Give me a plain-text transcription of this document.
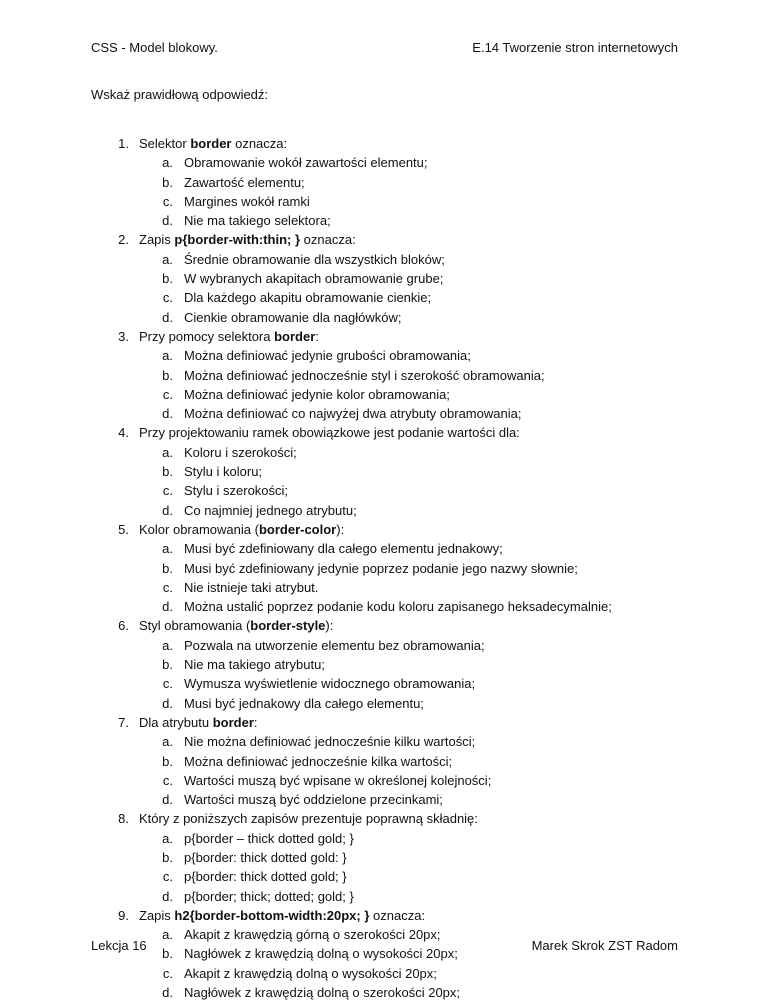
CSS - Model blokowy.	E.14 Tworzenie stron internetowych
Wskaż prawidłową odpowiedź:
1. Selektor border oznacza:
a. Obramowanie wokół zawartości elementu;
b. Zawartość elementu;
c. Margines wokół ramki
d. Nie ma takiego selektora;
2. Zapis p{border-with:thin; } oznacza:
a. Średnie obramowanie dla wszystkich bloków;
b. W wybranych akapitach obramowanie grube;
c. Dla każdego akapitu obramowanie cienkie;
d. Cienkie obramowanie dla nagłówków;
3. Przy pomocy selektora border:
a. Można definiować jedynie grubości obramowania;
b. Można definiować jednocześnie styl i szerokość obramowania;
c. Można definiować jedynie kolor obramowania;
d. Można definiować co najwyżej dwa atrybuty obramowania;
4. Przy projektowaniu ramek obowiązkowe jest podanie wartości dla:
a. Koloru i szerokości;
b. Stylu i koloru;
c. Stylu i szerokości;
d. Co najmniej jednego atrybutu;
5. Kolor obramowania (border-color):
a. Musi być zdefiniowany dla całego elementu jednakowy;
b. Musi być zdefiniowany jedynie poprzez podanie jego nazwy słownie;
c. Nie istnieje taki atrybut.
d. Można ustalić poprzez podanie kodu koloru zapisanego heksadecymalnie;
6. Styl obramowania (border-style):
a. Pozwala na utworzenie elementu bez obramowania;
b. Nie ma takiego atrybutu;
c. Wymusza wyświetlenie widocznego obramowania;
d. Musi być jednakowy dla całego elementu;
7. Dla atrybutu border:
a. Nie można definiować jednocześnie kilku wartości;
b. Można definiować jednocześnie kilka wartości;
c. Wartości muszą być wpisane w określonej kolejności;
d. Wartości muszą być oddzielone przecinkami;
8. Który z poniższych zapisów prezentuje poprawną składnię:
a. p{border – thick dotted gold; }
b. p{border: thick dotted gold: }
c. p{border: thick dotted gold; }
d. p{border; thick; dotted; gold; }
9. Zapis h2{border-bottom-width:20px; } oznacza:
a. Akapit z krawędzią górną o szerokości 20px;
b. Nagłówek z krawędzią dolną o wysokości 20px;
c. Akapit z krawędzią dolną o wysokości 20px;
d. Nagłówek z krawędzią dolną o szerokości 20px;
Lekcja 16	Marek Skrok ZST Radom
